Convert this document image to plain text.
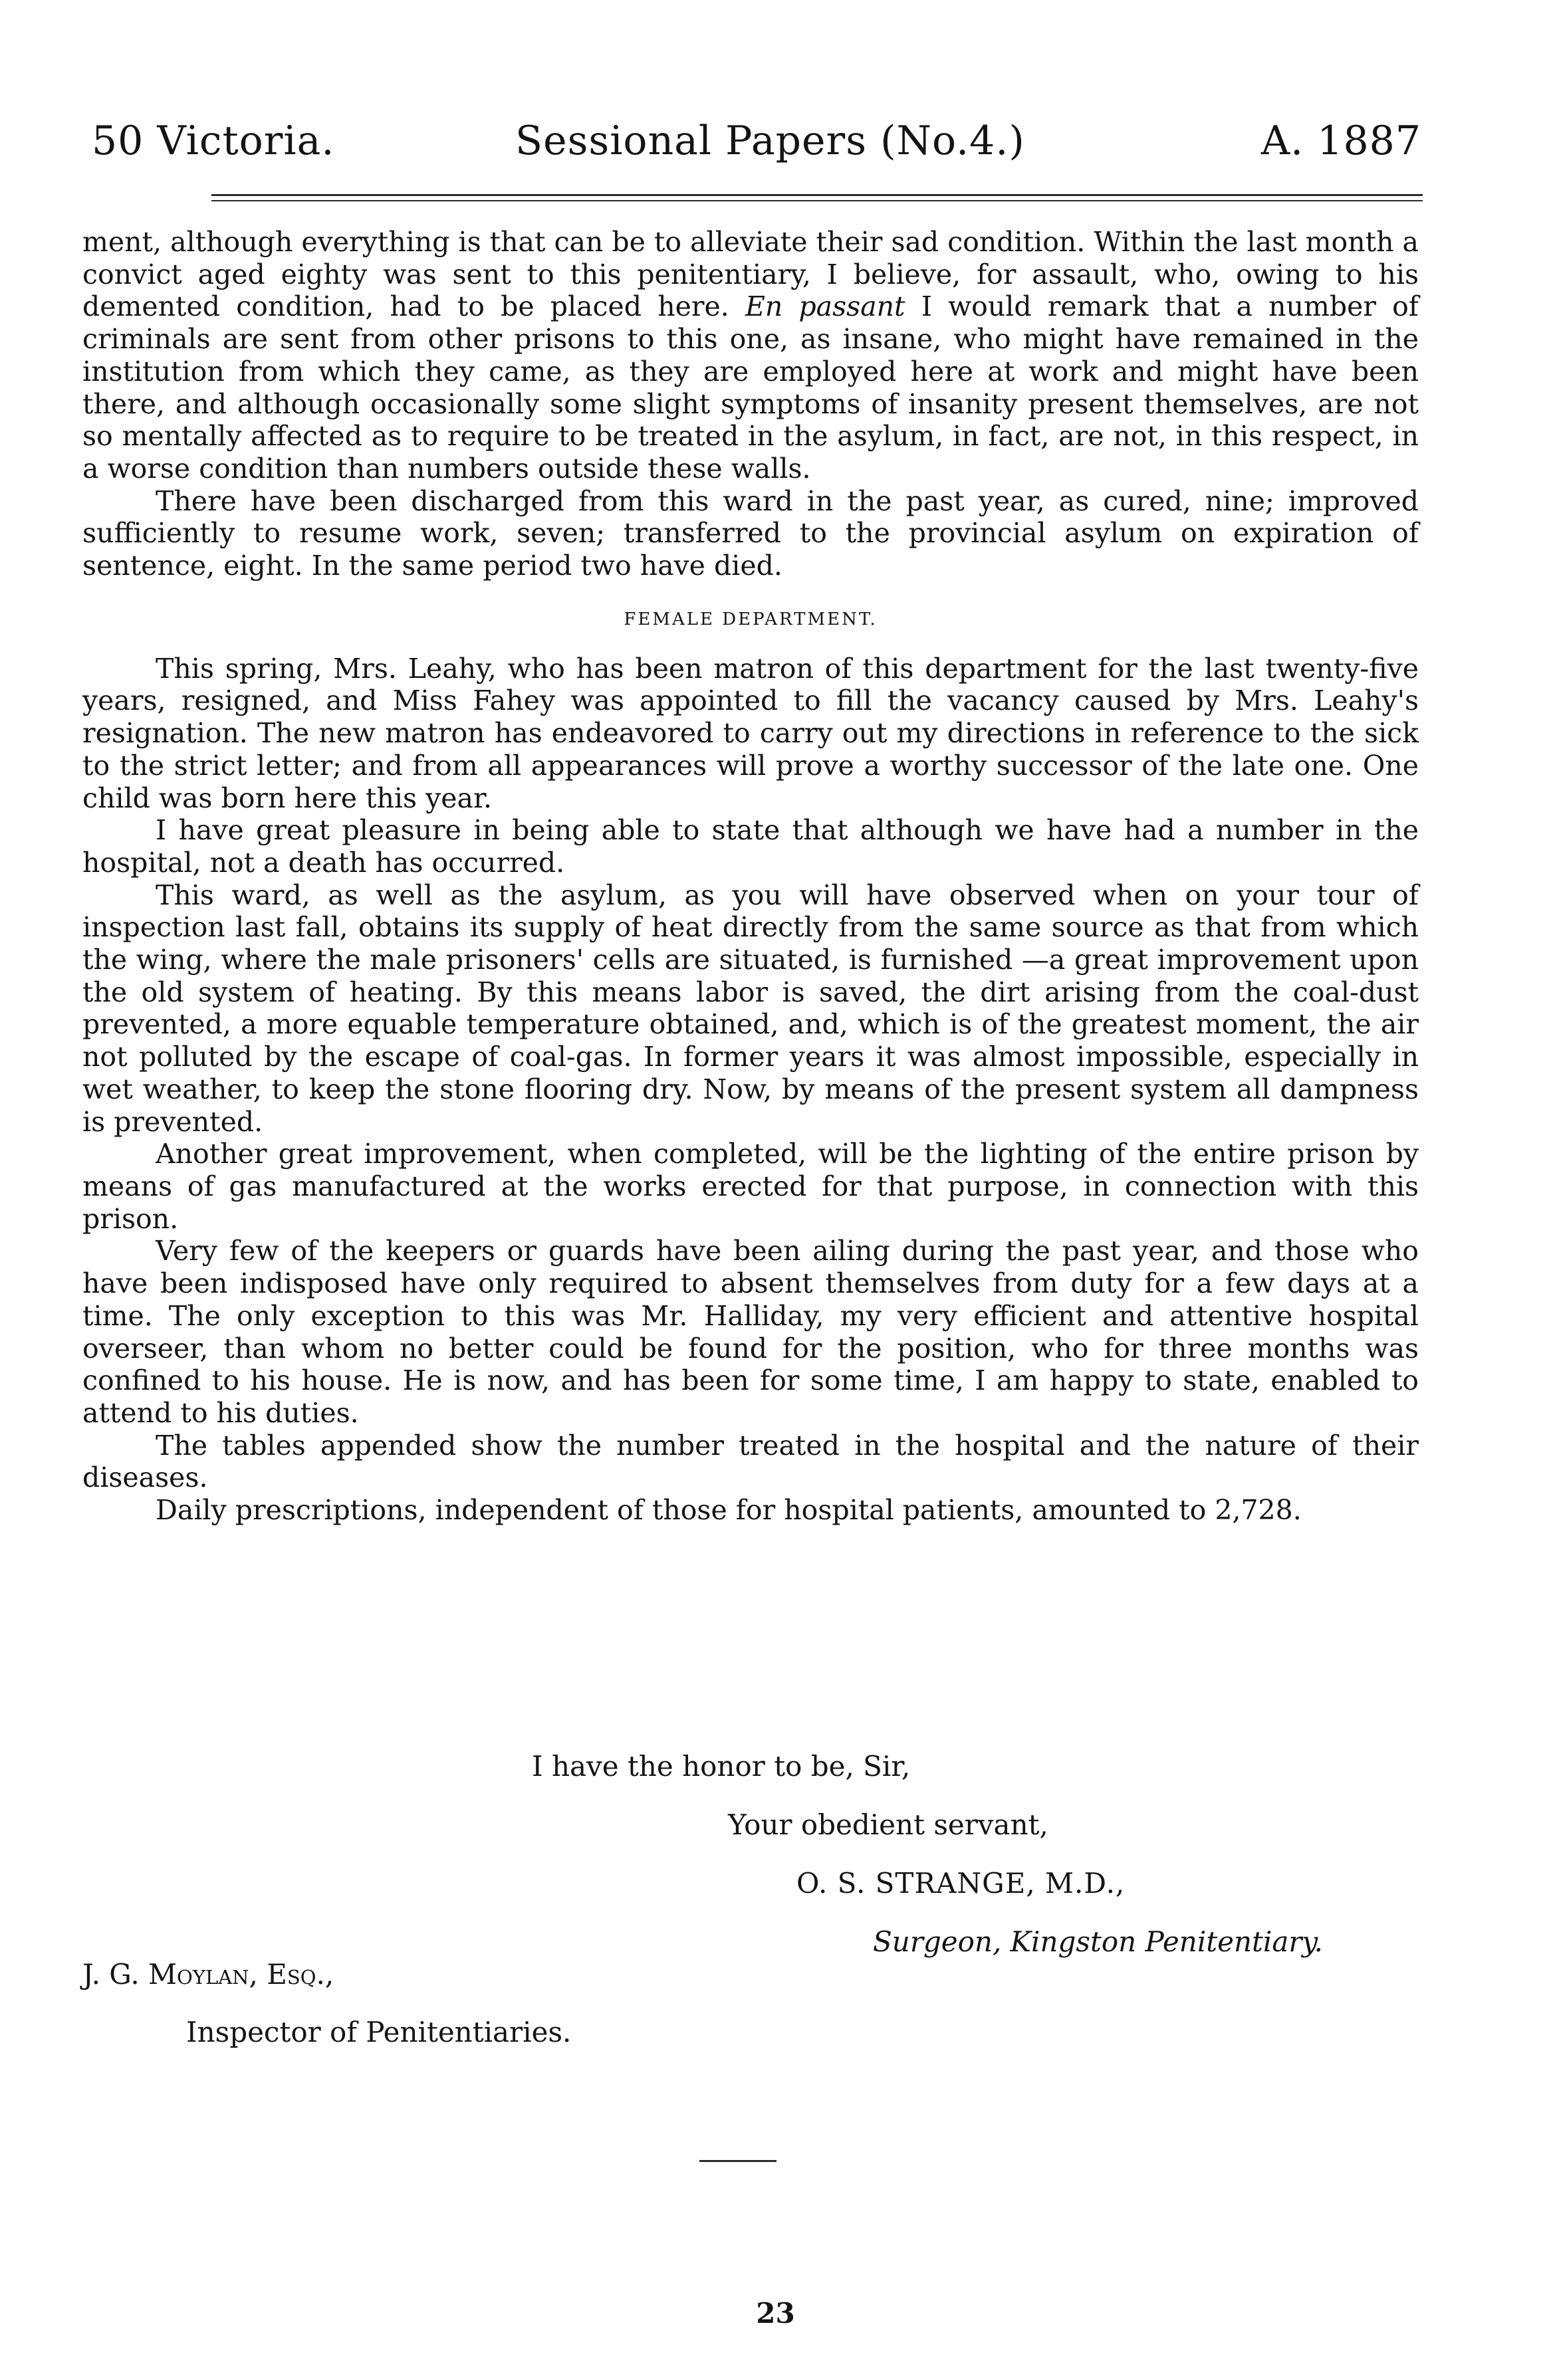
50 Victoria.	Sessional Papers (No.4.)	A. 1887

ment, although everything is that can be to alleviate their sad condition. Within the last month a convict aged eighty was sent to this penitentiary, I believe, for assault, who, owing to his demented condition, had to be placed here. En passant I would remark that a number of criminals are sent from other prisons to this one, as insane, who might have remained in the institution from which they came, as they are employed here at work and might have been there, and although occasionally some slight symptoms of insanity present themselves, are not so mentally affected as to require to be treated in the asylum, in fact, are not, in this respect, in a worse condition than numbers outside these walls.

There have been discharged from this ward in the past year, as cured, nine; improved sufficiently to resume work, seven; transferred to the provincial asylum on expiration of sentence, eight. In the same period two have died.

FEMALE DEPARTMENT.

This spring, Mrs. Leahy, who has been matron of this department for the last twenty-five years, resigned, and Miss Fahey was appointed to fill the vacancy caused by Mrs. Leahy's resignation. The new matron has endeavored to carry out my directions in reference to the sick to the strict letter; and from all appearances will prove a worthy successor of the late one. One child was born here this year.

I have great pleasure in being able to state that although we have had a number in the hospital, not a death has occurred.

This ward, as well as the asylum, as you will have observed when on your tour of inspection last fall, obtains its supply of heat directly from the same source as that from which the wing, where the male prisoners' cells are situated, is furnished —a great improvement upon the old system of heating. By this means labor is saved, the dirt arising from the coal-dust prevented, a more equable temperature obtained, and, which is of the greatest moment, the air not polluted by the escape of coal-gas. In former years it was almost impossible, especially in wet weather, to keep the stone flooring dry. Now, by means of the present system all dampness is prevented.

Another great improvement, when completed, will be the lighting of the entire prison by means of gas manufactured at the works erected for that purpose, in connection with this prison.

Very few of the keepers or guards have been ailing during the past year, and those who have been indisposed have only required to absent themselves from duty for a few days at a time. The only exception to this was Mr. Halliday, my very efficient and attentive hospital overseer, than whom no better could be found for the position, who for three months was confined to his house. He is now, and has been for some time, I am happy to state, enabled to attend to his duties.

The tables appended show the number treated in the hospital and the nature of their diseases.

Daily prescriptions, independent of those for hospital patients, amounted to 2,728.

I have the honor to be, Sir,
Your obedient servant,
O. S. STRANGE, M.D.,
Surgeon, Kingston Penitentiary.
J. G. Moylan, Esq.,
Inspector of Penitentiaries.
23
